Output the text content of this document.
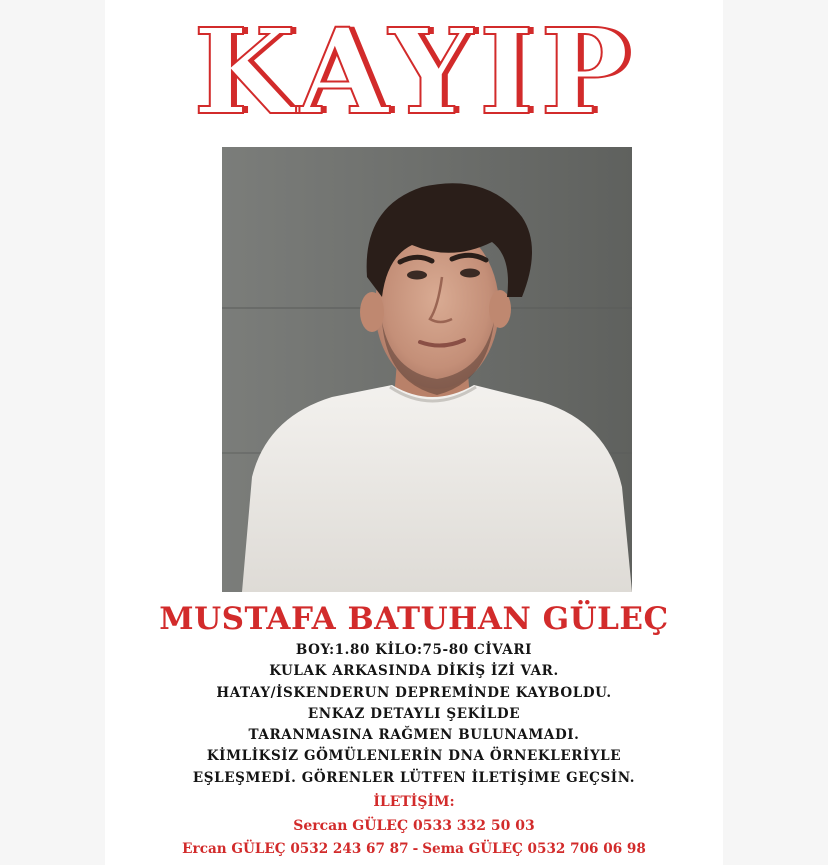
KAYIP
MUSTAFA BATUHAN GÜLEÇ
BOY:1.80 KİLO:75-80 CİVARI
KULAK ARKASINDA DİKİŞ İZİ VAR.
HATAY/İSKENDERUN DEPREMİNDE KAYBOLDU.
ENKAZ DETAYLI ŞEKİLDE
TARANMASINA RAĞMEN BULUNAMADI.
KİMLİKSİZ GÖMÜLENLERİN DNA ÖRNEKLERİYLE
EŞLEŞMEDİ. GÖRENLER LÜTFEN İLETİŞİME GEÇSİN.
İLETİŞİM:
Sercan GÜLEÇ 0533 332 50 03
Ercan GÜLEÇ 0532 243 67 87 - Sema GÜLEÇ 0532 706 06 98
